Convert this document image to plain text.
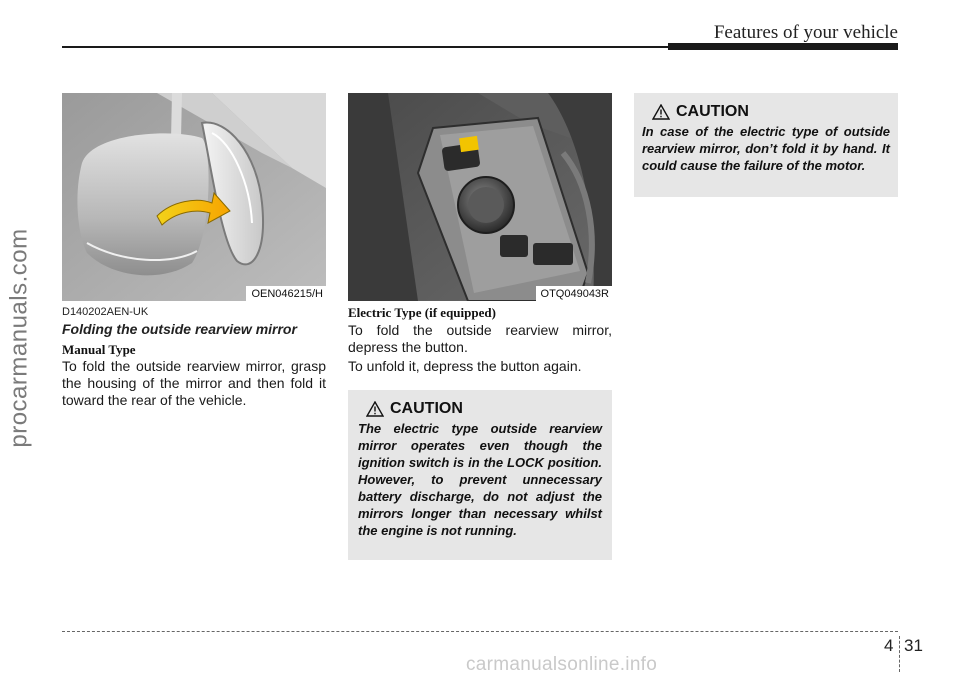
Features of your vehicle
procarmanuals.com	OEN046215/H	OTQ049043R
D140202AEN-UK
Folding the outside rearview mirror
Manual Type
To fold the outside rearview mirror, grasp the housing of the mirror and then fold it toward the rear of the vehicle.
Electric Type (if equipped)
To fold the outside rearview mirror, depress the button.
To unfold it, depress the button again.
CAUTION
The electric type outside rearview mirror operates even though the ignition switch is in the LOCK position. However, to prevent unnecessary battery discharge, do not adjust the mirrors longer than necessary whilst the engine is not running.
CAUTION
In case of the electric type of outside rearview mirror, don’t fold it by hand. It could cause the failure of the motor.
4 31
carmanualsonline.info
